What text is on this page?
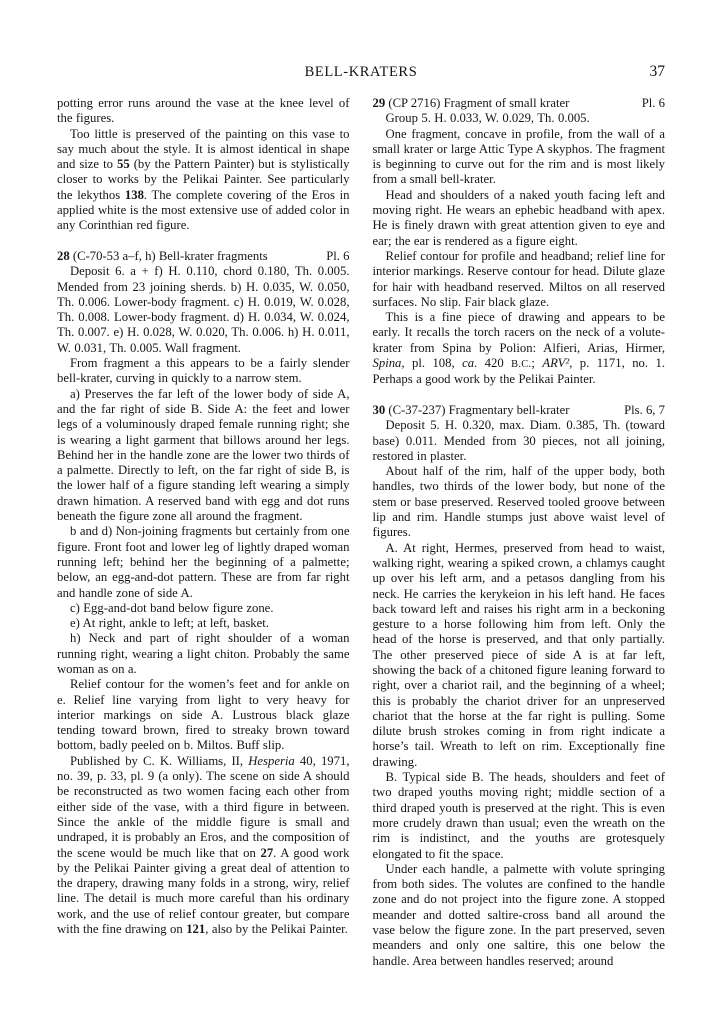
BELL-KRATERS	37

potting error runs around the vase at the knee level of the figures.

Too little is preserved of the painting on this vase to say much about the style. It is almost identical in shape and size to 55 (by the Pattern Painter) but is stylistically closer to works by the Pelikai Painter. See particularly the lekythos 138. The complete covering of the Eros in applied white is the most extensive use of added color in any Corinthian red figure.

28 (C-70-53 a–f, h) Bell-krater fragments	Pl. 6

Deposit 6. a + f) H. 0.110, chord 0.180, Th. 0.005. Mended from 23 joining sherds. b) H. 0.035, W. 0.050, Th. 0.006. Lower-body fragment. c) H. 0.019, W. 0.028, Th. 0.008. Lower-body fragment. d) H. 0.034, W. 0.024, Th. 0.007. e) H. 0.028, W. 0.020, Th. 0.006. h) H. 0.011, W. 0.031, Th. 0.005. Wall fragment.

From fragment a this appears to be a fairly slender bell-krater, curving in quickly to a narrow stem.

a) Preserves the far left of the lower body of side A, and the far right of side B. Side A: the feet and lower legs of a voluminously draped female running right; she is wearing a light garment that billows around her legs. Behind her in the handle zone are the lower two thirds of a palmette. Directly to left, on the far right of side B, is the lower half of a figure standing left wearing a simply drawn himation. A reserved band with egg and dot runs beneath the figure zone all around the fragment.

b and d) Non-joining fragments but certainly from one figure. Front foot and lower leg of lightly draped woman running left; behind her the beginning of a palmette; below, an egg-and-dot pattern. These are from far right and handle zone of side A.

c) Egg-and-dot band below figure zone.

e) At right, ankle to left; at left, basket.

h) Neck and part of right shoulder of a woman running right, wearing a light chiton. Probably the same woman as on a.

Relief contour for the women’s feet and for ankle on e. Relief line varying from light to very heavy for interior markings on side A. Lustrous black glaze tending toward brown, fired to streaky brown toward bottom, badly peeled on b. Miltos. Buff slip.

Published by C. K. Williams, II, Hesperia 40, 1971, no. 39, p. 33, pl. 9 (a only). The scene on side A should be reconstructed as two women facing each other from either side of the vase, with a third figure in between. Since the ankle of the middle figure is small and undraped, it is probably an Eros, and the composition of the scene would be much like that on 27. A good work by the Pelikai Painter giving a great deal of attention to the drapery, drawing many folds in a strong, wiry, relief line. The detail is much more careful than his ordinary work, and the use of relief contour greater, but compare with the fine drawing on 121, also by the Pelikai Painter.

29 (CP 2716) Fragment of small krater	Pl. 6

Group 5. H. 0.033, W. 0.029, Th. 0.005.

One fragment, concave in profile, from the wall of a small krater or large Attic Type A skyphos. The fragment is beginning to curve out for the rim and is most likely from a small bell-krater.

Head and shoulders of a naked youth facing left and moving right. He wears an ephebic headband with apex. He is finely drawn with great attention given to eye and ear; the ear is rendered as a figure eight.

Relief contour for profile and headband; relief line for interior markings. Reserve contour for head. Dilute glaze for hair with headband reserved. Miltos on all reserved surfaces. No slip. Fair black glaze.

This is a fine piece of drawing and appears to be early. It recalls the torch racers on the neck of a volute-krater from Spina by Polion: Alfieri, Arias, Hirmer, Spina, pl. 108, ca. 420 B.C.; ARV², p. 1171, no. 1. Perhaps a good work by the Pelikai Painter.

30 (C-37-237) Fragmentary bell-krater	Pls. 6, 7

Deposit 5. H. 0.320, max. Diam. 0.385, Th. (toward base) 0.011. Mended from 30 pieces, not all joining, restored in plaster.

About half of the rim, half of the upper body, both handles, two thirds of the lower body, but none of the stem or base preserved. Reserved tooled groove between lip and rim. Handle stumps just above waist level of figures.

A. At right, Hermes, preserved from head to waist, walking right, wearing a spiked crown, a chlamys caught up over his left arm, and a petasos dangling from his neck. He carries the kerykeion in his left hand. He faces back toward left and raises his right arm in a beckoning gesture to a horse following him from left. Only the head of the horse is preserved, and that only partially. The other preserved piece of side A is at far left, showing the back of a chitoned figure leaning forward to right, over a chariot rail, and the beginning of a wheel; this is probably the chariot driver for an unpreserved chariot that the horse at the far right is pulling. Some dilute brush strokes coming in from right indicate a horse’s tail. Wreath to left on rim. Exceptionally fine drawing.

B. Typical side B. The heads, shoulders and feet of two draped youths moving right; middle section of a third draped youth is preserved at the right. This is even more crudely drawn than usual; even the wreath on the rim is indistinct, and the youths are grotesquely elongated to fit the space.

Under each handle, a palmette with volute springing from both sides. The volutes are confined to the handle zone and do not project into the figure zone. A stopped meander and dotted saltire-cross band all around the vase below the figure zone. In the part preserved, seven meanders and only one saltire, this one below the handle. Area between handles reserved; around
